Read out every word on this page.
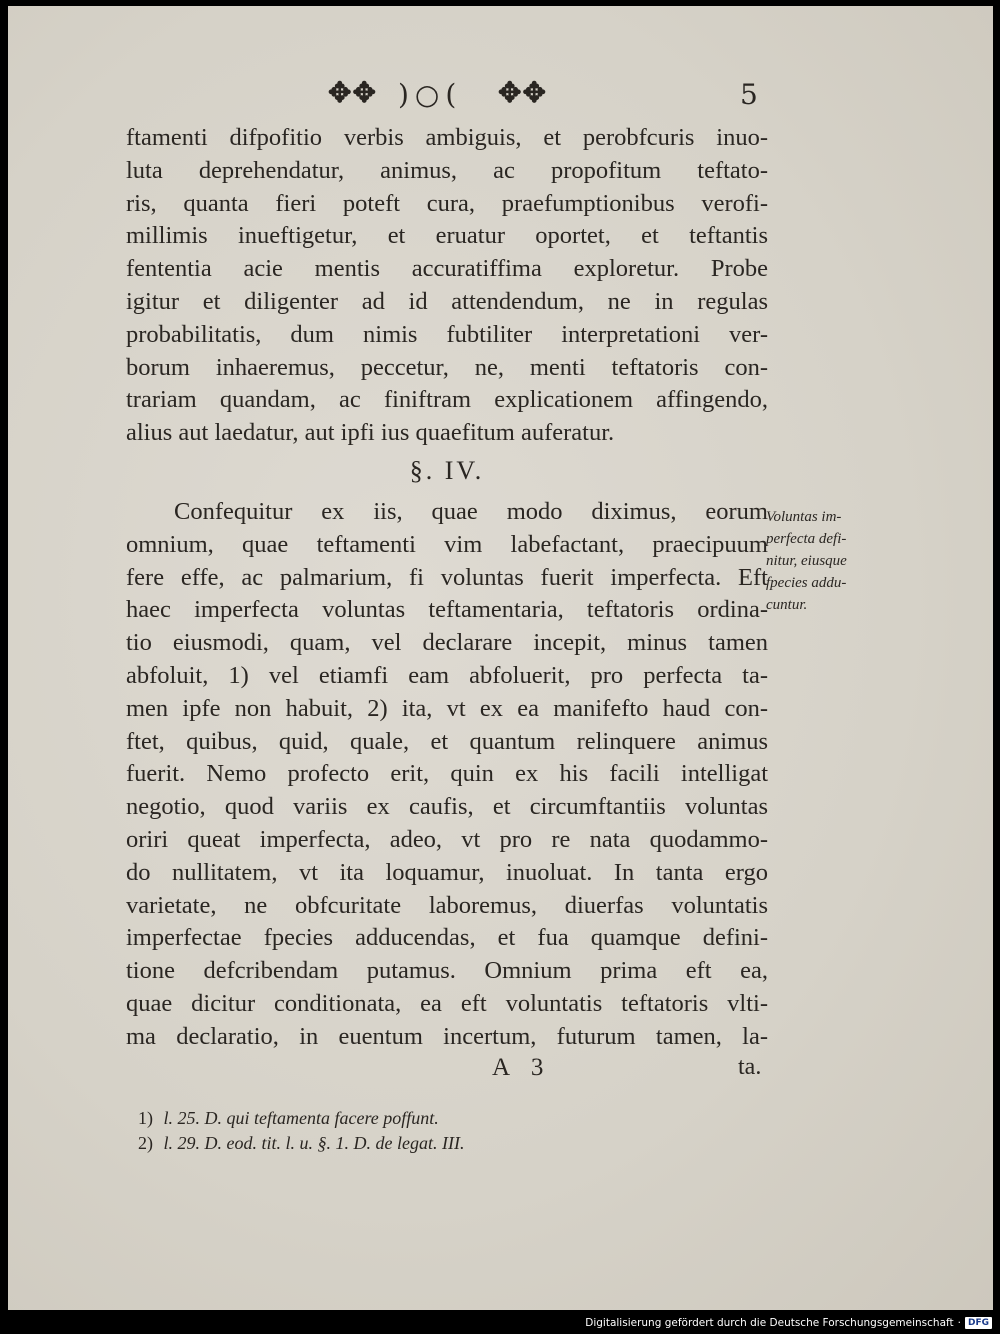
✥✥ )○( ✥✥	5
ftamenti difpofitio verbis ambiguis, et perobfcuris inuo-
luta deprehendatur, animus, ac propofitum teftato-
ris, quanta fieri poteft cura, praefumptionibus verofi-
millimis inueftigetur, et eruatur oportet, et teftantis
fententia acie mentis accuratiffima exploretur. Probe
igitur et diligenter ad id attendendum, ne in regulas
probabilitatis, dum nimis fubtiliter interpretationi ver-
borum inhaeremus, peccetur, ne, menti teftatoris con-
trariam quandam, ac finiftram explicationem affingendo,
alius aut laedatur, aut ipfi ius quaefitum auferatur.
§. IV.
Confequitur ex iis, quae modo diximus, eorum
omnium, quae teftamenti vim labefactant, praecipuum
fere effe, ac palmarium, fi voluntas fuerit imperfecta. Eft
haec imperfecta voluntas teftamentaria, teftatoris ordina-
tio eiusmodi, quam, vel declarare incepit, minus tamen
abfoluit, 1) vel etiamfi eam abfoluerit, pro perfecta ta-
men ipfe non habuit, 2) ita, vt ex ea manifefto haud con-
ftet, quibus, quid, quale, et quantum relinquere animus
fuerit. Nemo profecto erit, quin ex his facili intelligat
negotio, quod variis ex caufis, et circumftantiis voluntas
oriri queat imperfecta, adeo, vt pro re nata quodammo-
do nullitatem, vt ita loquamur, inuoluat. In tanta ergo
varietate, ne obfcuritate laboremus, diuerfas voluntatis
imperfectae fpecies adducendas, et fua quamque defini-
tione defcribendam putamus. Omnium prima eft ea,
quae dicitur conditionata, ea eft voluntatis teftatoris vlti-
ma declaratio, in euentum incertum, futurum tamen, la-
Voluntas im-
perfecta defi-
nitur, eiusque
fpecies addu-
cuntur.
A 3	ta.
1) l. 25. D. qui teftamenta facere poffunt.
2) l. 29. D. eod. tit. l. u. §. 1. D. de legat. III.
Digitalisierung gefördert durch die Deutsche Forschungsgemeinschaft · DFG
